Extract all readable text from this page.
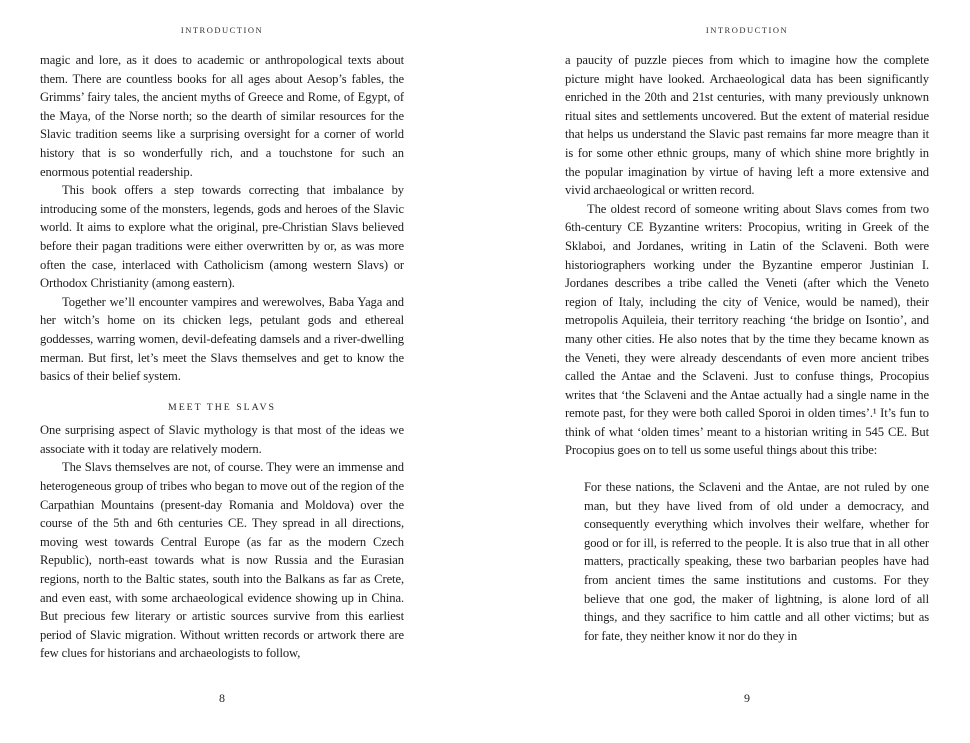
INTRODUCTION

magic and lore, as it does to academic or anthropological texts about them. There are countless books for all ages about Aesop’s fables, the Grimms’ fairy tales, the ancient myths of Greece and Rome, of Egypt, of the Maya, of the Norse north; so the dearth of similar resources for the Slavic tradition seems like a surprising oversight for a corner of world history that is so wonderfully rich, and a touchstone for such an enormous potential readership.

This book offers a step towards correcting that imbalance by introducing some of the monsters, legends, gods and heroes of the Slavic world. It aims to explore what the original, pre-Christian Slavs believed before their pagan traditions were either overwritten by or, as was more often the case, interlaced with Catholicism (among western Slavs) or Orthodox Christianity (among eastern).

Together we’ll encounter vampires and werewolves, Baba Yaga and her witch’s home on its chicken legs, petulant gods and ethereal goddesses, warring women, devil-defeating damsels and a river-dwelling merman. But first, let’s meet the Slavs themselves and get to know the basics of their belief system.

MEET THE SLAVS

One surprising aspect of Slavic mythology is that most of the ideas we associate with it today are relatively modern.

The Slavs themselves are not, of course. They were an immense and heterogeneous group of tribes who began to move out of the region of the Carpathian Mountains (present-day Romania and Moldova) over the course of the 5th and 6th centuries CE. They spread in all directions, moving west towards Central Europe (as far as the modern Czech Republic), north-east towards what is now Russia and the Eurasian regions, north to the Baltic states, south into the Balkans as far as Crete, and even east, with some archaeological evidence showing up in China. But precious few literary or artistic sources survive from this earliest period of Slavic migration. Without written records or artwork there are few clues for historians and archaeologists to follow,

8
INTRODUCTION

a paucity of puzzle pieces from which to imagine how the complete picture might have looked. Archaeological data has been significantly enriched in the 20th and 21st centuries, with many previously unknown ritual sites and settlements uncovered. But the extent of material residue that helps us understand the Slavic past remains far more meagre than it is for some other ethnic groups, many of which shine more brightly in the popular imagination by virtue of having left a more extensive and vivid archaeological or written record.

The oldest record of someone writing about Slavs comes from two 6th-century CE Byzantine writers: Procopius, writing in Greek of the Sklaboi, and Jordanes, writing in Latin of the Sclaveni. Both were historiographers working under the Byzantine emperor Justinian I. Jordanes describes a tribe called the Veneti (after which the Veneto region of Italy, including the city of Venice, would be named), their metropolis Aquileia, their territory reaching ‘the bridge on Isontio’, and many other cities. He also notes that by the time they became known as the Veneti, they were already descendants of even more ancient tribes called the Antae and the Sclaveni. Just to confuse things, Procopius writes that ‘the Sclaveni and the Antae actually had a single name in the remote past, for they were both called Sporoi in olden times’.¹ It’s fun to think of what ‘olden times’ meant to a historian writing in 545 CE. But Procopius goes on to tell us some useful things about this tribe:

For these nations, the Sclaveni and the Antae, are not ruled by one man, but they have lived from of old under a democracy, and consequently everything which involves their welfare, whether for good or for ill, is referred to the people. It is also true that in all other matters, practically speaking, these two barbarian peoples have had from ancient times the same institutions and customs. For they believe that one god, the maker of lightning, is alone lord of all things, and they sacrifice to him cattle and all other victims; but as for fate, they neither know it nor do they in
9
